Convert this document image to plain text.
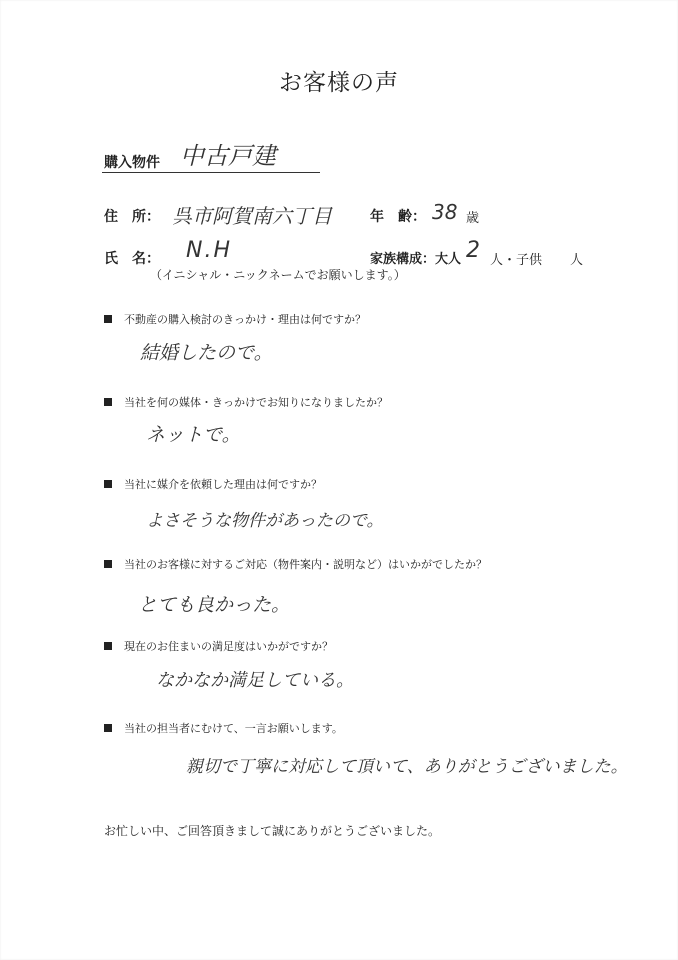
お客様の声
購入物件 中古戸建
住　所： 呉市阿賀南六丁目	年　齢： 38 歳
氏　名： N.H
（イニシャル・ニックネームでお願いします。）
家族構成：大人 2 人・子供 人
不動産の購入検討のきっかけ・理由は何ですか？
結婚したので。
当社を何の媒体・きっかけでお知りになりましたか？
ネットで。
当社に媒介を依頼した理由は何ですか？
よさそうな物件があったので。
当社のお客様に対するご対応（物件案内・説明など）はいかがでしたか？
とても良かった。
現在のお住まいの満足度はいかがですか？
なかなか満足している。
当社の担当者にむけて、一言お願いします。
親切で丁寧に対応して頂いて、ありがとうございました。
お忙しい中、ご回答頂きまして誠にありがとうございました。
